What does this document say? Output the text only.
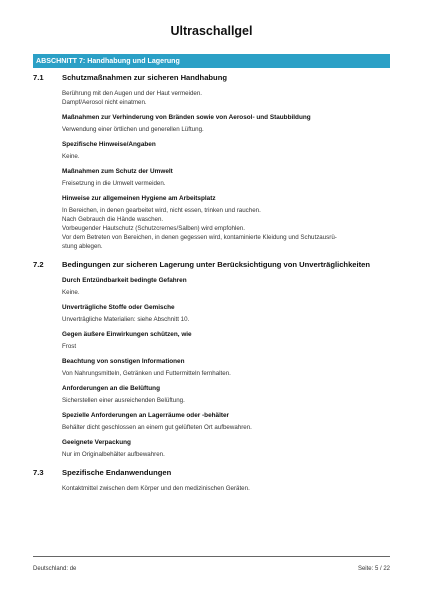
Ultraschallgel
ABSCHNITT 7: Handhabung und Lagerung
7.1 Schutzmaßnahmen zur sicheren Handhabung
Berührung mit den Augen und der Haut vermeiden.
Dampf/Aerosol nicht einatmen.
Maßnahmen zur Verhinderung von Bränden sowie von Aerosol- und Staubbildung
Verwendung einer örtlichen und generellen Lüftung.
Spezifische Hinweise/Angaben
Keine.
Maßnahmen zum Schutz der Umwelt
Freisetzung in die Umwelt vermeiden.
Hinweise zur allgemeinen Hygiene am Arbeitsplatz
In Bereichen, in denen gearbeitet wird, nicht essen, trinken und rauchen.
Nach Gebrauch die Hände waschen.
Vorbeugender Hautschutz (Schutzcremes/Salben) wird empfohlen.
Vor dem Betreten von Bereichen, in denen gegessen wird, kontaminierte Kleidung und Schutzausrü-
stung ablegen.
7.2 Bedingungen zur sicheren Lagerung unter Berücksichtigung von Unverträglichkeiten
Durch Entzündbarkeit bedingte Gefahren
Keine.
Unverträgliche Stoffe oder Gemische
Unverträgliche Materialien: siehe Abschnitt 10.
Gegen äußere Einwirkungen schützen, wie
Frost
Beachtung von sonstigen Informationen
Von Nahrungsmitteln, Getränken und Futtermitteln fernhalten.
Anforderungen an die Belüftung
Sicherstellen einer ausreichenden Belüftung.
Spezielle Anforderungen an Lagerräume oder -behälter
Behälter dicht geschlossen an einem gut gelüfteten Ort aufbewahren.
Geeignete Verpackung
Nur im Originalbehälter aufbewahren.
7.3 Spezifische Endanwendungen
Kontaktmittel zwischen dem Körper und den medizinischen Geräten.
Deutschland: de	Seite: 5 / 22
